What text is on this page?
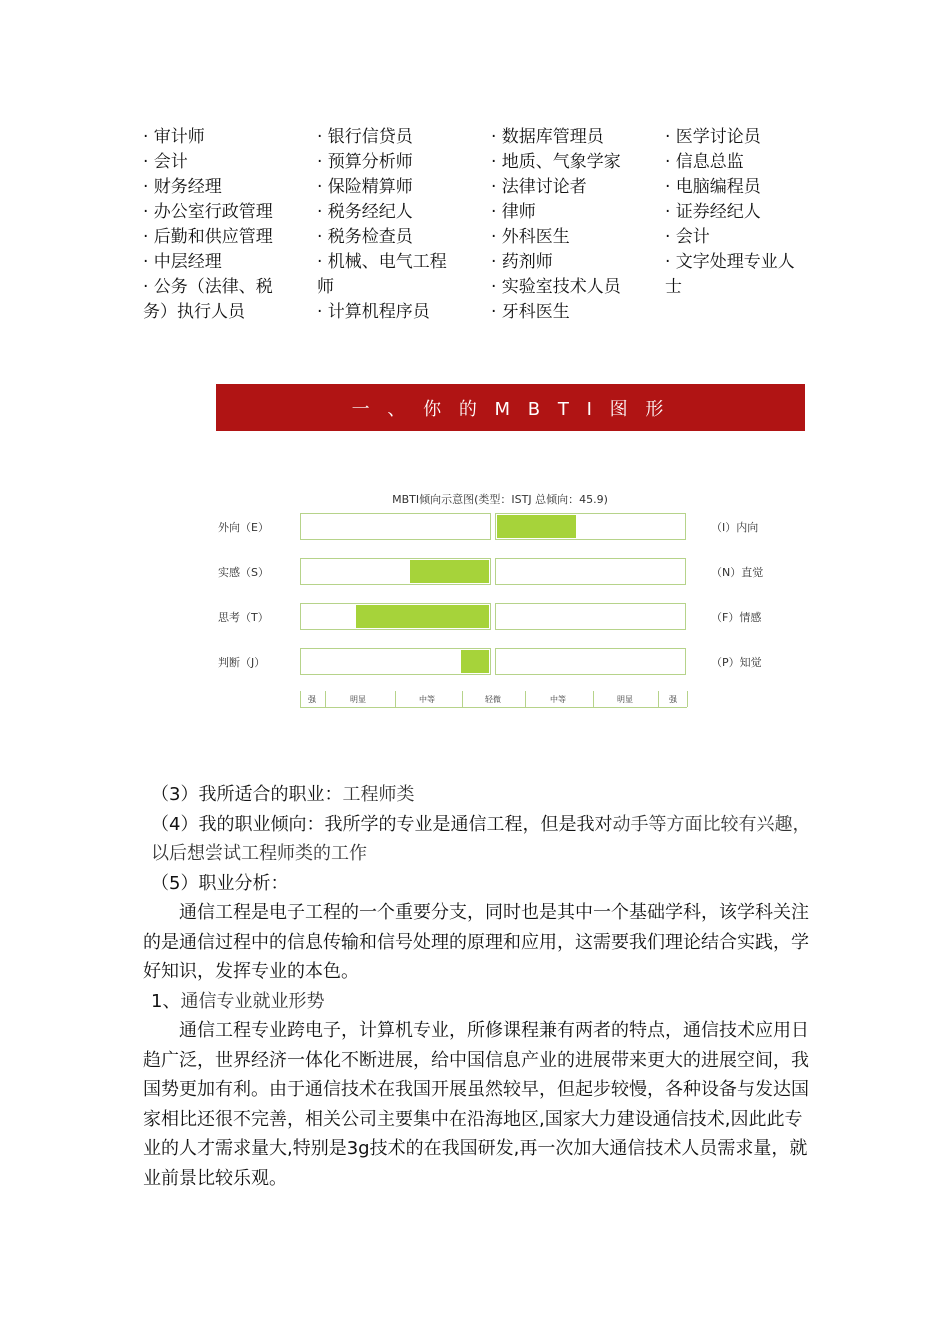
· 审计师
· 会计
· 财务经理
· 办公室行政管理
· 后勤和供应管理
· 中层经理
· 公务（法律、税
务）执行人员
· 银行信贷员
· 预算分析师
· 保险精算师
· 税务经纪人
· 税务检查员
· 机械、电气工程
师
· 计算机程序员
· 数据库管理员
· 地质、气象学家
· 法律讨论者
· 律师
· 外科医生
· 药剂师
· 实验室技术人员
· 牙科医生
· 医学讨论员
· 信息总监
· 电脑编程员
· 证券经纪人
· 会计
· 文字处理专业人
士
一 、 你 的 M B T I 图 形
MBTI倾向示意图(类型：ISTJ 总倾向：45.9)
外向（E）	（I）内向
实感（S）	（N）直觉
思考（T）	（F）情感
判断（J）	（P）知觉
强	明显	中等	轻微	中等	明显	强

（3）我所适合的职业：工程师类

（4）我的职业倾向：我所学的专业是通信工程，但是我对动手等方面比较有兴趣，以后想尝试工程师类的工作

（5）职业分析：

通信工程是电子工程的一个重要分支，同时也是其中一个基础学科，该学科关注的是通信过程中的信息传输和信号处理的原理和应用，这需要我们理论结合实践，学好知识，发挥专业的本色。

1、通信专业就业形势

通信工程专业跨电子，计算机专业，所修课程兼有两者的特点，通信技术应用日趋广泛，世界经济一体化不断进展，给中国信息产业的进展带来更大的进展空间，我国势更加有利。由于通信技术在我国开展虽然较早，但起步较慢，各种设备与发达国家相比还很不完善，相关公司主要集中在沿海地区,国家大力建设通信技术,因此此专业的人才需求量大,特别是3g技术的在我国研发,再一次加大通信技术人员需求量，就业前景比较乐观。
